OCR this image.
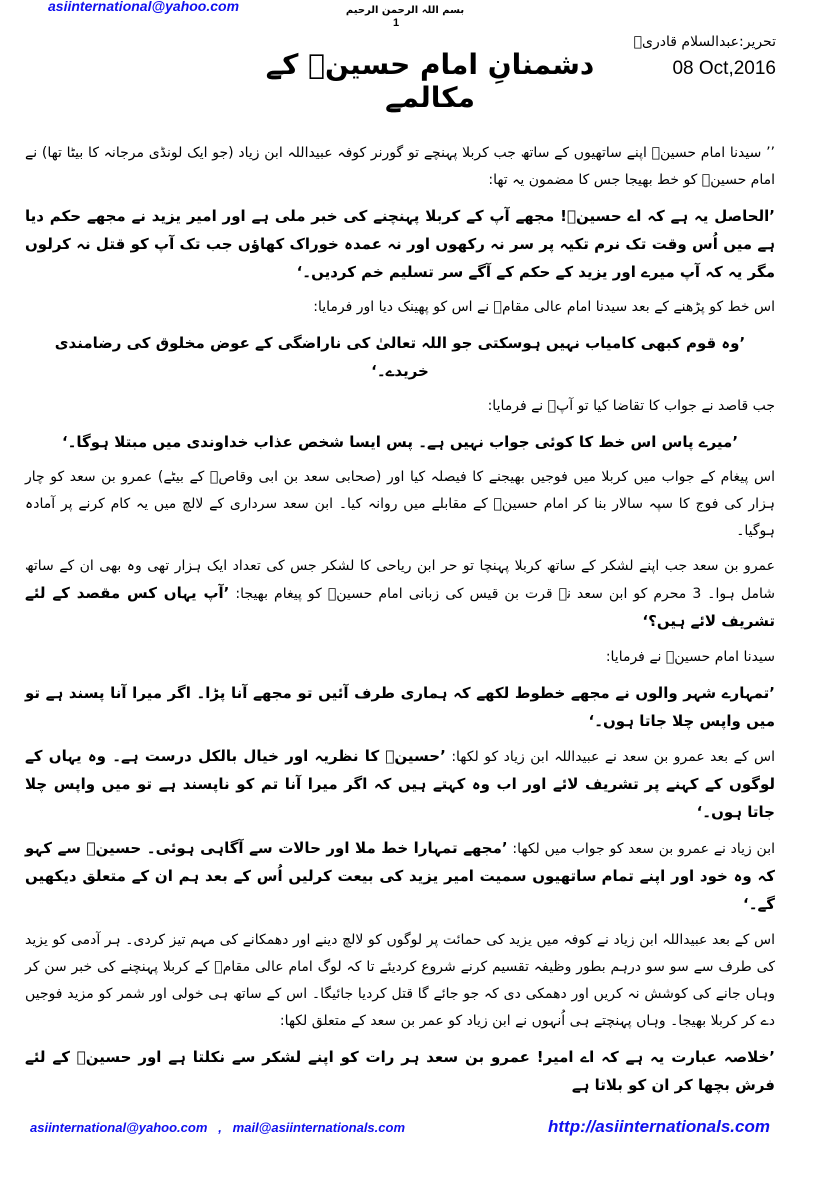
asiinternational@yahoo.com	بسم اللہ الرحمن الرحیم
1
تحریر:عبدالسلام قادریؒ
08 Oct,2016
دشمنانِ امام حسینؑ کے مکالمے

’’ سیدنا امام حسینؑ اپنے ساتھیوں کے ساتھ جب کربلا پہنچے تو گورنر کوفہ عبیداللہ ابن زیاد (جو ایک لونڈی مرجانہ کا بیٹا تھا) نے امام حسینؑ کو خط بھیجا جس کا مضمون یہ تھا:

’الحاصل یہ ہے کہ اے حسینؑ! مجھے آپ کے کربلا پہنچنے کی خبر ملی ہے اور امیر یزید نے مجھے حکم دیا ہے میں اُس وقت تک نرم تکیہ پر سر نہ رکھوں اور نہ عمدہ خوراک کھاؤں جب تک آپ کو قتل نہ کرلوں مگر یہ کہ آپ میرے اور یزید کے حکم کے آگے سر تسلیم خم کردیں۔‘

اس خط کو پڑھنے کے بعد سیدنا امام عالی مقامؑ نے اس کو پھینک دیا اور فرمایا:

’وہ قوم کبھی کامیاب نہیں ہوسکتی جو اللہ تعالیٰ کی ناراضگی کے عوض مخلوق کی رضامندی خریدے۔‘

جب قاصد نے جواب کا تقاضا کیا تو آپؑ نے فرمایا:

’میرے پاس اس خط کا کوئی جواب نہیں ہے۔ پس ایسا شخص عذاب خداوندی میں مبتلا ہوگا۔‘

اس پیغام کے جواب میں کربلا میں فوجیں بھیجنے کا فیصلہ کیا اور (صحابی سعد بن ابی وقاصؓ کے بیٹے) عمرو بن سعد کو چار ہزار کی فوج کا سپہ سالار بنا کر امام حسینؑ کے مقابلے میں روانہ کیا۔ ابن سعد سرداری کے لالچ میں یہ کام کرنے پر آمادہ ہوگیا۔

عمرو بن سعد جب اپنے لشکر کے ساتھ کربلا پہنچا تو حر ابن ریاحی کا لشکر جس کی تعداد ایک ہزار تھی وہ بھی ان کے ساتھ شامل ہوا۔ 3 محرم کو ابن سعد نے قرت بن قیس کی زبانی امام حسینؑ کو پیغام بھیجا: ’آپ یہاں کس مقصد کے لئے تشریف لائے ہیں؟‘

سیدنا امام حسینؑ نے فرمایا:

’تمہارے شہر والوں نے مجھے خطوط لکھے کہ ہماری طرف آئیں تو مجھے آنا پڑا۔ اگر میرا آنا پسند ہے تو میں واپس چلا جاتا ہوں۔‘

اس کے بعد عمرو بن سعد نے عبیداللہ ابن زیاد کو لکھا: ’حسینؑ کا نظریہ اور خیال بالکل درست ہے۔ وہ یہاں کے لوگوں کے کہنے پر تشریف لائے اور اب وہ کہتے ہیں کہ اگر میرا آنا تم کو ناپسند ہے تو میں واپس چلا جاتا ہوں۔‘

ابن زیاد نے عمرو بن سعد کو جواب میں لکھا: ’مجھے تمہارا خط ملا اور حالات سے آگاہی ہوئی۔ حسینؑ سے کہو کہ وہ خود اور اپنے تمام ساتھیوں سمیت امیر یزید کی بیعت کرلیں اُس کے بعد ہم ان کے متعلق دیکھیں گے۔‘

اس کے بعد عبیداللہ ابن زیاد نے کوفہ میں یزید کی حمائت پر لوگوں کو لالچ دینے اور دھمکانے کی مہم تیز کردی۔ ہر آدمی کو یزید کی طرف سے سو سو درہم بطور وظیفہ تقسیم کرنے شروع کردیئے تا کہ لوگ امام عالی مقامؑ کے کربلا پہنچنے کی خبر سن کر وہاں جانے کی کوشش نہ کریں اور دھمکی دی کہ جو جائے گا قتل کردیا جائیگا۔ اس کے ساتھ ہی خولی اور شمر کو مزید فوجیں دے کر کربلا بھیجا۔ وہاں پہنچتے ہی اُنہوں نے ابن زیاد کو عمر بن سعد کے متعلق لکھا:

’خلاصہ عبارت یہ ہے کہ اے امیر! عمرو بن سعد ہر رات کو اپنے لشکر سے نکلتا ہے اور حسینؑ کے لئے فرش بچھا کر ان کو بلاتا ہے

asiinternational@yahoo.com   ,   mail@asiinternationals.com	http://asiinternationals.com
